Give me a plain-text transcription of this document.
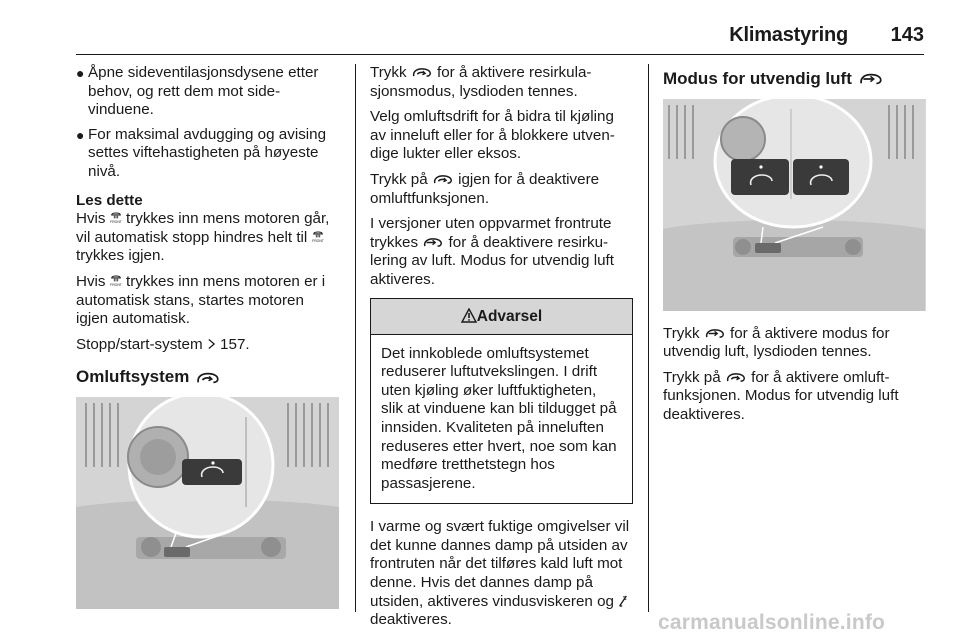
Klimastyring 143
● Åpne sideventilasjonsdysene etter behov, og rett dem mot sidevinduene.
● For maksimal avdugging og avising settes viftehastigheten på høyeste nivå.
Les dette

Hvis  trykkes inn mens motoren går, vil automatisk stopp hindres helt til  trykkes igjen.

Hvis  trykkes inn mens motoren er i automatisk stans, startes motoren igjen automatisk.

Stopp/start-system  157.

Omluftsystem

Trykk  for å aktivere resirkulasjonsmodus, lysdioden tennes.

Velg omluftsdrift for å bidra til kjøling av inneluft eller for å blokkere utvendige lukter eller eksos.

Trykk på  igjen for å deaktivere omluftfunksjonen.

I versjoner uten oppvarmet frontrute trykkes  for å deaktivere resirkulering av luft. Modus for utvendig luft aktiveres.

Advarsel
Det innkoblede omluftsystemet reduserer luftutvekslingen. I drift uten kjøling øker luftfuktigheten, slik at vinduene kan bli tildugget på innsiden. Kvaliteten på inneluften reduseres etter hvert, noe som kan medføre tretthetstegn hos passasjerene.

I varme og svært fuktige omgivelser vil det kunne dannes damp på utsiden av frontruten når det tilføres kald luft mot denne. Hvis det dannes damp på utsiden, aktiveres vindusviskeren og  deaktiveres.

Modus for utvendig luft

Trykk  for å aktivere modus for utvendig luft, lysdioden tennes.

Trykk på  for å aktivere omluftfunksjonen. Modus for utvendig luft deaktiveres.

carmanualsonline.info
